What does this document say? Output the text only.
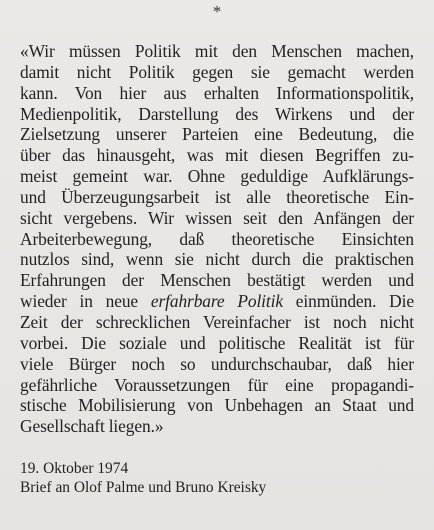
*
«Wir müssen Politik mit den Menschen machen,
damit nicht Politik gegen sie gemacht werden
kann. Von hier aus erhalten Informationspolitik,
Medienpolitik, Darstellung des Wirkens und der
Zielsetzung unserer Parteien eine Bedeutung, die
über das hinausgeht, was mit diesen Begriffen zu-
meist gemeint war. Ohne geduldige Aufklärungs-
und Überzeugungsarbeit ist alle theoretische Ein-
sicht vergebens. Wir wissen seit den Anfängen der
Arbeiterbewegung, daß theoretische Einsichten
nutzlos sind, wenn sie nicht durch die praktischen
Erfahrungen der Menschen bestätigt werden und
wieder in neue erfahrbare Politik einmünden. Die
Zeit der schrecklichen Vereinfacher ist noch nicht
vorbei. Die soziale und politische Realität ist für
viele Bürger noch so undurchschaubar, daß hier
gefährliche Voraussetzungen für eine propagandi-
stische Mobilisierung von Unbehagen an Staat und
Gesellschaft liegen.»
19. Oktober 1974
Brief an Olof Palme und Bruno Kreisky
